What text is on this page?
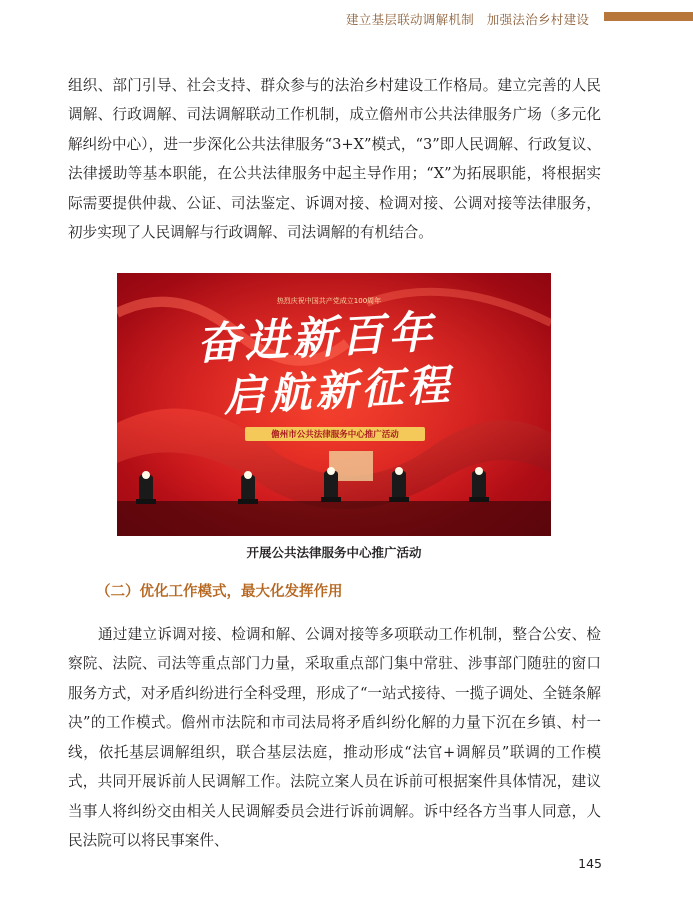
建立基层联动调解机制　加强法治乡村建设

组织、部门引导、社会支持、群众参与的法治乡村建设工作格局。建立完善的人民调解、行政调解、司法调解联动工作机制，成立儋州市公共法律服务广场（多元化解纠纷中心），进一步深化公共法律服务“3+X”模式，“3”即人民调解、行政复议、法律援助等基本职能，在公共法律服务中起主导作用；“X”为拓展职能，将根据实际需要提供仲裁、公证、司法鉴定、诉调对接、检调对接、公调对接等法律服务，初步实现了人民调解与行政调解、司法调解的有机结合。

热烈庆祝中国共产党成立100周年
奋进新百年
启航新征程
儋州市公共法律服务中心推广活动
开展公共法律服务中心推广活动
（二）优化工作模式，最大化发挥作用

通过建立诉调对接、检调和解、公调对接等多项联动工作机制，整合公安、检察院、法院、司法等重点部门力量，采取重点部门集中常驻、涉事部门随驻的窗口服务方式，对矛盾纠纷进行全科受理，形成了“一站式接待、一揽子调处、全链条解决”的工作模式。儋州市法院和市司法局将矛盾纠纷化解的力量下沉在乡镇、村一线，依托基层调解组织，联合基层法庭，推动形成“法官+调解员”联调的工作模式，共同开展诉前人民调解工作。法院立案人员在诉前可根据案件具体情况，建议当事人将纠纷交由相关人民调解委员会进行诉前调解。诉中经各方当事人同意，人民法院可以将民事案件、

145
